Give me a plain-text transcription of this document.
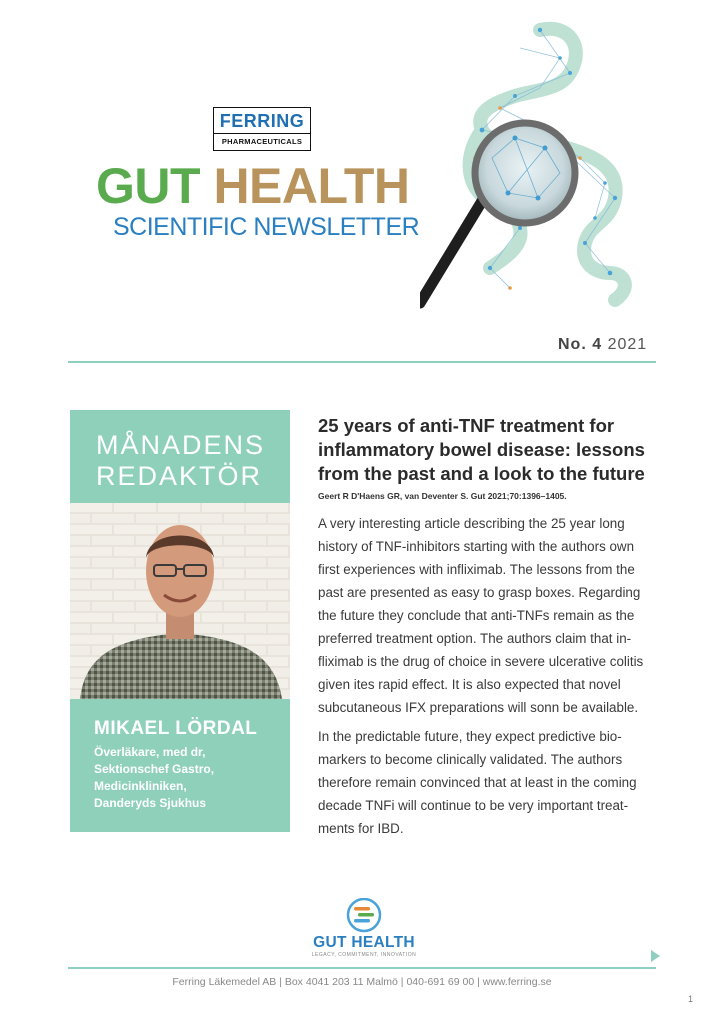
FERRING
PHARMACEUTICALS
GUT HEALTH
SCIENTIFIC NEWSLETTER
No. 4 2021
MÅNADENS
REDAKTÖR
MIKAEL LÖRDAL
Överläkare, med dr,
Sektionschef Gastro,
Medicinkliniken,
Danderyds Sjukhus
25 years of anti-TNF treatment for inflammatory bowel disease: lessons from the past and a look to the future
Geert R D'Haens GR, van Deventer S. Gut 2021;70:1396–1405.
A very interesting article describing the 25 year long history of TNF-inhibitors starting with the authors own first experiences with infliximab. The lessons from the past are presented as easy to grasp boxes. Regarding the future they conclude that anti-TNFs remain as the preferred treatment option. The authors claim that in- fliximab is the drug of choice in severe ulcerative colitis given ites rapid effect. It is also expected that novel subcutaneous IFX preparations will sonn be available.
In the predictable future, they expect predictive bio- markers to become clinically validated. The authors therefore remain convinced that at least in the coming decade TNFi will continue to be very important treat- ments for IBD.
GUT HEALTH
LEGACY, COMMITMENT, INNOVATION
Ferring Läkemedel AB | Box 4041 203 11 Malmö | 040-691 69 00 | www.ferring.se
1
